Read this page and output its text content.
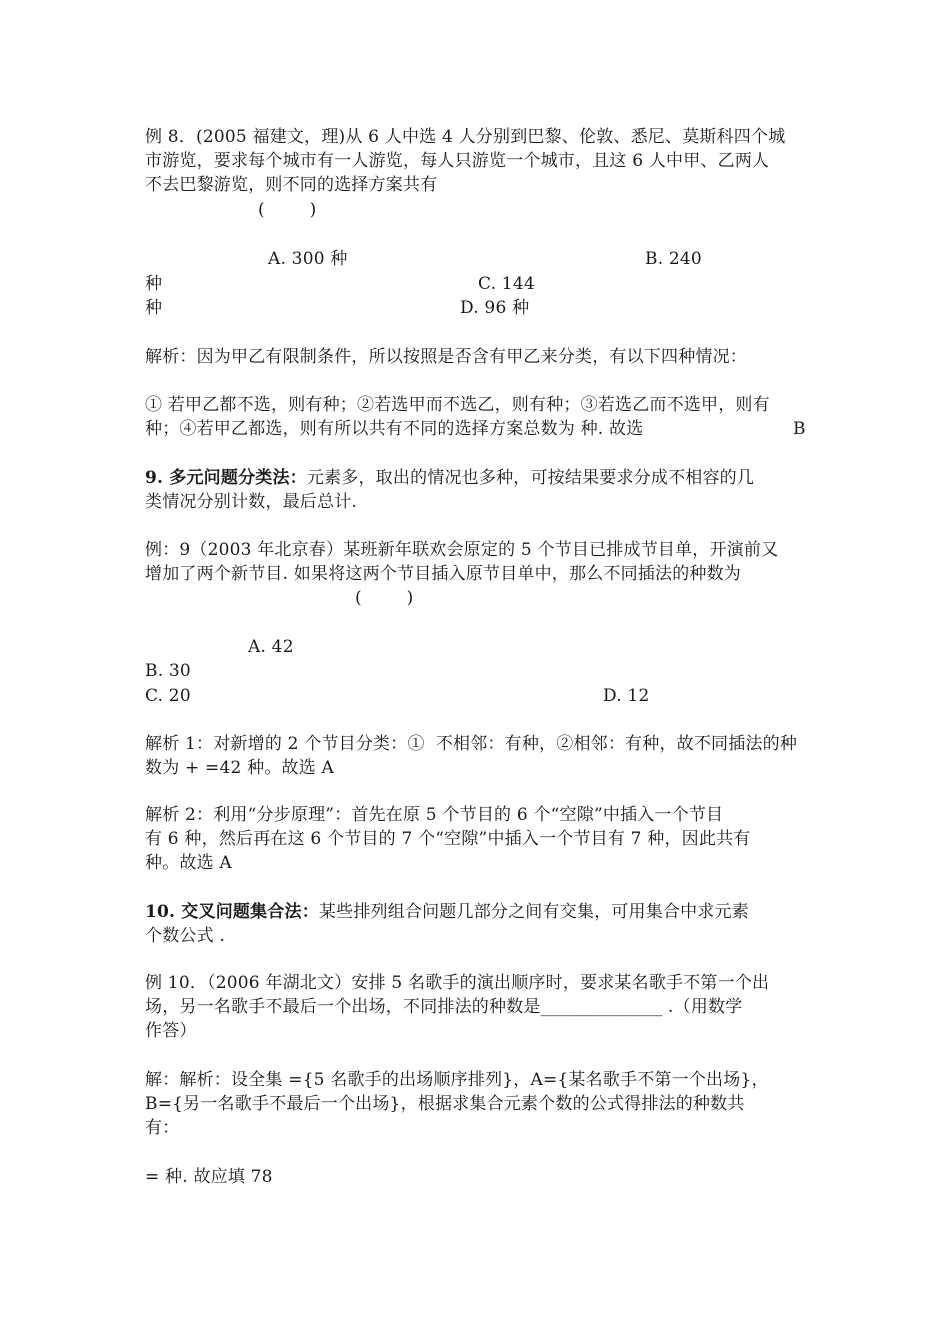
例 8．(2005 福建文，理)从 6 人中选 4 人分别到巴黎、伦敦、悉尼、莫斯科四个城
市游览，要求每个城市有一人游览，每人只游览一个城市，且这 6 人中甲、乙两人
不去巴黎游览，则不同的选择方案共有
(        )
A. 300 种	B. 240
种	C. 144
种	D. 96 种
解析：因为甲乙有限制条件，所以按照是否含有甲乙来分类，有以下四种情况：
① 若甲乙都不选，则有种；②若选甲而不选乙，则有种；③若选乙而不选甲，则有
种；④若甲乙都选，则有所以共有不同的选择方案总数为 种. 故选	B
9. 多元问题分类法：元素多，取出的情况也多种，可按结果要求分成不相容的几
类情况分别计数，最后总计.
例：9（2003 年北京春）某班新年联欢会原定的 5 个节目已排成节目单，开演前又
增加了两个新节目. 如果将这两个节目插入原节目单中，那么不同插法的种数为
(        )
A. 42
B. 30
C. 20	D. 12
解析 1：对新增的 2 个节目分类：①  不相邻：有种，②相邻：有种，故不同插法的种
数为 + =42 种。故选 A
解析 2：利用“分步原理”：首先在原 5 个节目的 6 个“空隙”中插入一个节目
有 6 种，然后再在这 6 个节目的 7 个“空隙”中插入一个节目有 7 种，因此共有
种。故选 A
10. 交叉问题集合法：某些排列组合问题几部分之间有交集，可用集合中求元素
个数公式 .
例 10．（2006 年湖北文）安排 5 名歌手的演出顺序时，要求某名歌手不第一个出
场，另一名歌手不最后一个出场，不同排法的种数是______________ .（用数学
作答）
解：解析：设全集 ={5 名歌手的出场顺序排列}，A={某名歌手不第一个出场}，
B={另一名歌手不最后一个出场}，根据求集合元素个数的公式得排法的种数共
有：
= 种. 故应填 78
